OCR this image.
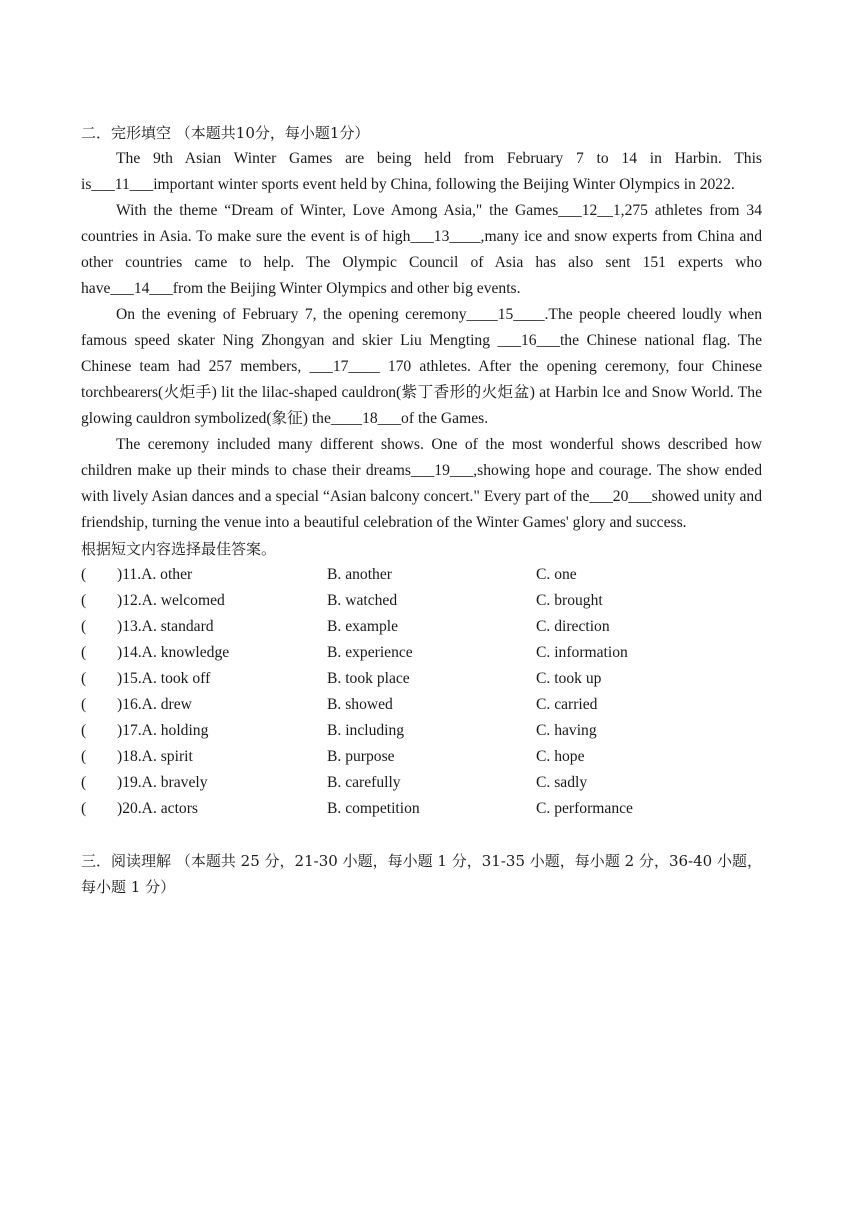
二．完形填空 （本题共10分，每小题1分）

The 9th Asian Winter Games are being held from February 7 to 14 in Harbin. This is___11___important winter sports event held by China, following the Beijing Winter Olympics in 2022.

With the theme “Dream of Winter, Love Among Asia," the Games___12__1,275 athletes from 34 countries in Asia. To make sure the event is of high___13____,many ice and snow experts from China and other countries came to help. The Olympic Council of Asia has also sent 151 experts who have___14___from the Beijing Winter Olympics and other big events.

On the evening of February 7, the opening ceremony____15____.The people cheered loudly when famous speed skater Ning Zhongyan and skier Liu Mengting ___16___the Chinese national flag. The Chinese team had 257 members, ___17____ 170 athletes. After the opening ceremony, four Chinese torchbearers(火炬手) lit the lilac-shaped cauldron(紫丁香形的火炬盆) at Harbin lce and Snow World. The glowing cauldron symbolized(象征) the____18___of the Games.

The ceremony included many different shows. One of the most wonderful shows described how children make up their minds to chase their dreams___19___,showing hope and courage. The show ended with lively Asian dances and a special “Asian balcony concert." Every part of the___20___showed unity and friendship, turning the venue into a beautiful celebration of the Winter Games' glory and success.

根据短文内容选择最佳答案。

(	)11.A. other	B. another	C. one
(	)12.A. welcomed	B. watched	C. brought
(	)13.A. standard	B. example	C. direction
(	)14.A. knowledge	B. experience	C. information
(	)15.A. took off	B. took place	C. took up
(	)16.A. drew	B. showed	C. carried
(	)17.A. holding	B. including	C. having
(	)18.A. spirit	B. purpose	C. hope
(	)19.A. bravely	B. carefully	C. sadly
(	)20.A. actors	B. competition	C. performance

三．阅读理解 （本题共 25 分，21-30 小题，每小题 1 分，31-35 小题，每小题 2 分，36-40 小题，每小题 1 分）
